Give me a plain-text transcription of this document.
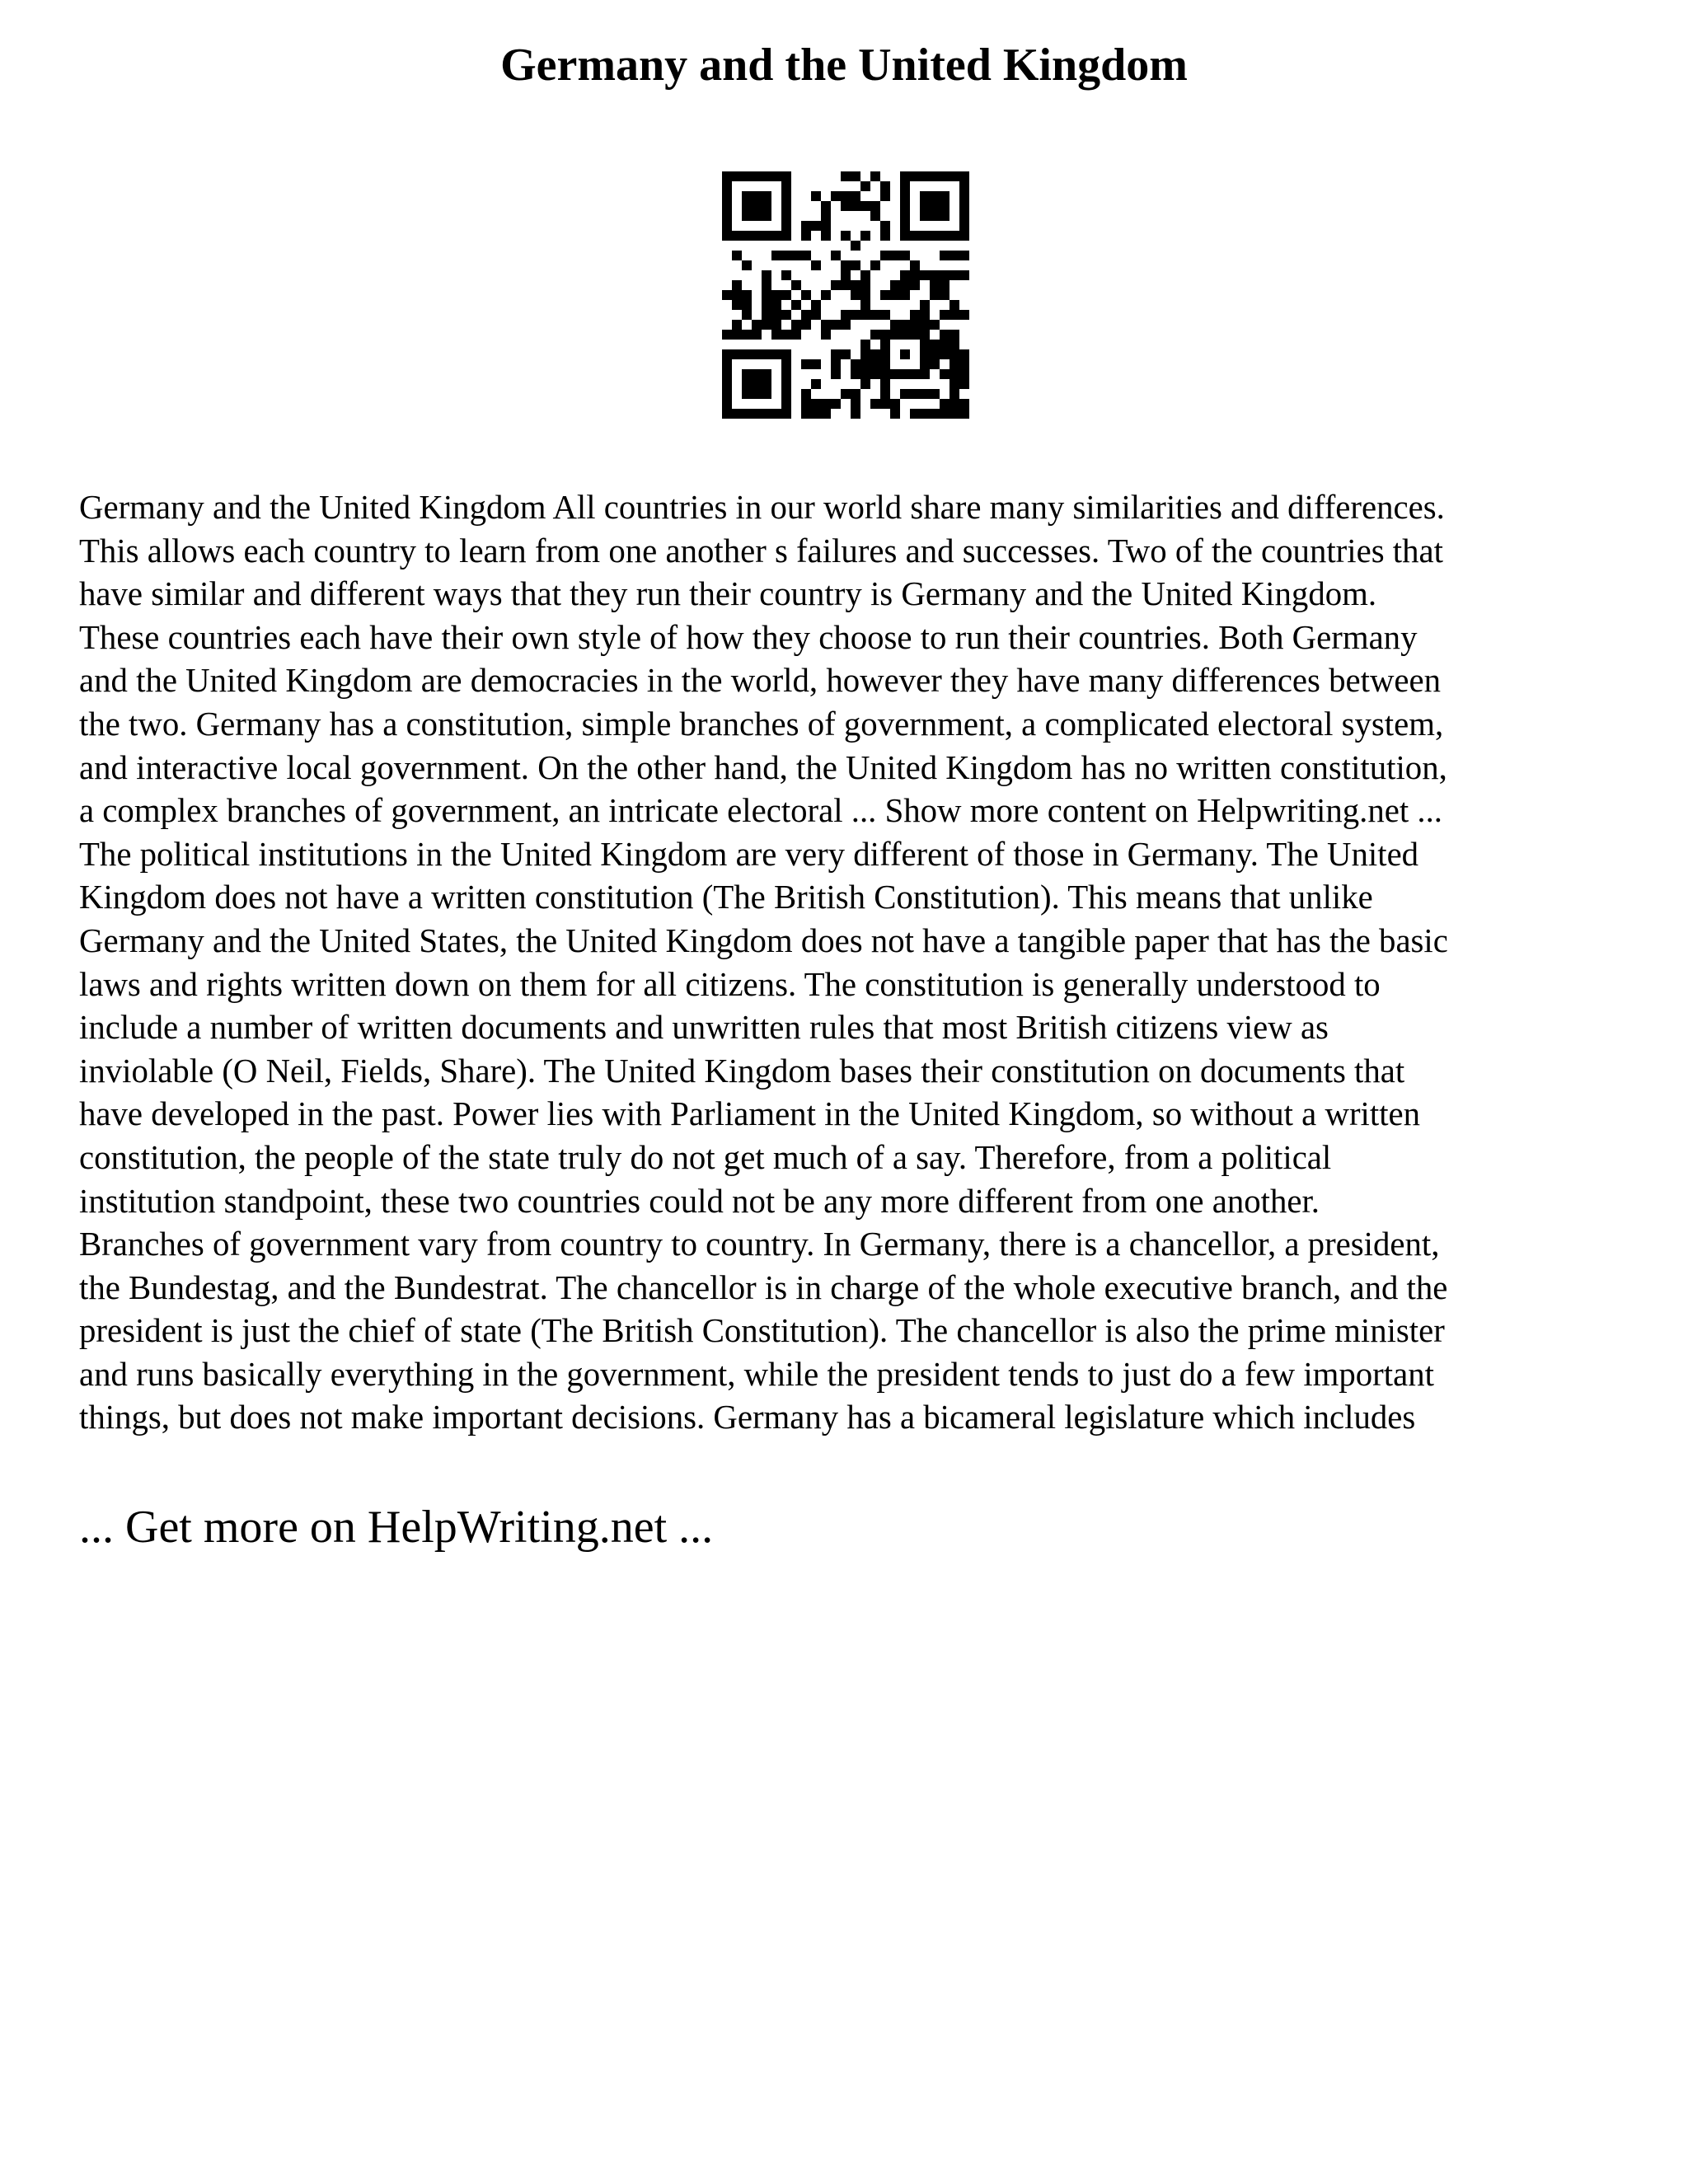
Germany and the United Kingdom
Germany and the United Kingdom All countries in our world share many similarities and differences.
This allows each country to learn from one another s failures and successes. Two of the countries that
have similar and different ways that they run their country is Germany and the United Kingdom.
These countries each have their own style of how they choose to run their countries. Both Germany
and the United Kingdom are democracies in the world, however they have many differences between
the two. Germany has a constitution, simple branches of government, a complicated electoral system,
and interactive local government. On the other hand, the United Kingdom has no written constitution,
a complex branches of government, an intricate electoral ... Show more content on Helpwriting.net ...
The political institutions in the United Kingdom are very different of those in Germany. The United
Kingdom does not have a written constitution (The British Constitution). This means that unlike
Germany and the United States, the United Kingdom does not have a tangible paper that has the basic
laws and rights written down on them for all citizens. The constitution is generally understood to
include a number of written documents and unwritten rules that most British citizens view as
inviolable (O Neil, Fields, Share). The United Kingdom bases their constitution on documents that
have developed in the past. Power lies with Parliament in the United Kingdom, so without a written
constitution, the people of the state truly do not get much of a say. Therefore, from a political
institution standpoint, these two countries could not be any more different from one another.
Branches of government vary from country to country. In Germany, there is a chancellor, a president,
the Bundestag, and the Bundestrat. The chancellor is in charge of the whole executive branch, and the
president is just the chief of state (The British Constitution). The chancellor is also the prime minister
and runs basically everything in the government, while the president tends to just do a few important
things, but does not make important decisions. Germany has a bicameral legislature which includes

... Get more on HelpWriting.net ...
